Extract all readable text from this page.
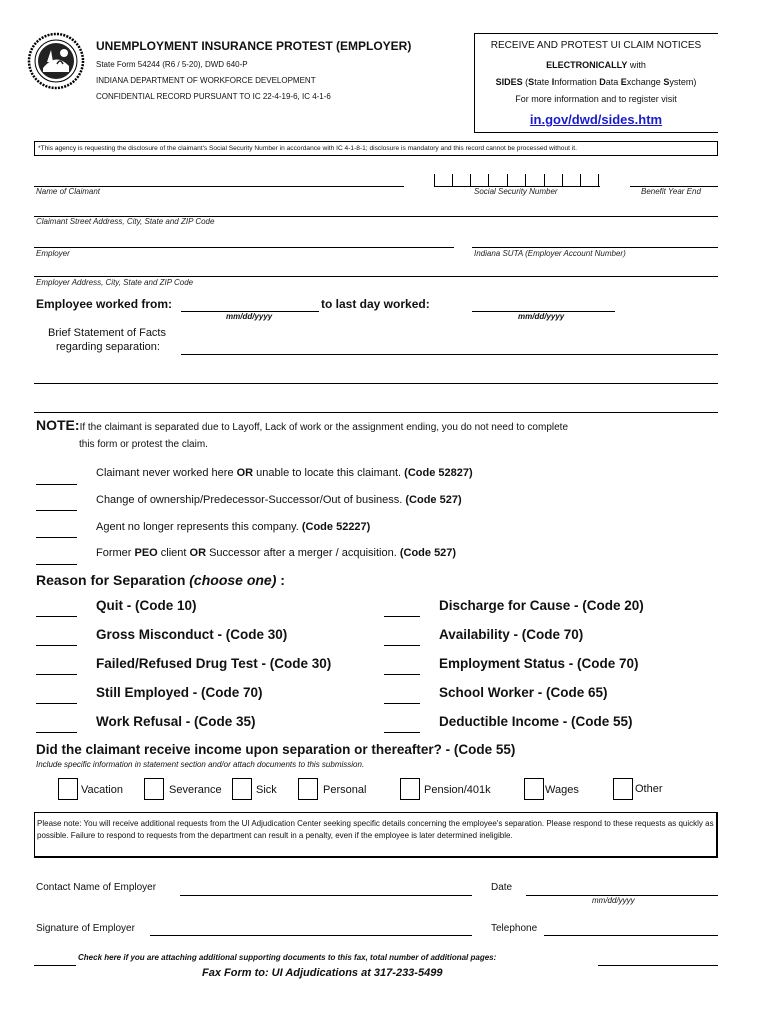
UNEMPLOYMENT INSURANCE PROTEST (EMPLOYER)
State Form 54244 (R6 / 5-20), DWD 640-P
INDIANA DEPARTMENT OF WORKFORCE DEVELOPMENT
CONFIDENTIAL RECORD PURSUANT TO IC 22-4-19-6, IC 4-1-6
RECEIVE AND PROTEST UI CLAIM NOTICES
ELECTRONICALLY with
SIDES (State Information Data Exchange System)
For more information and to register visit
in.gov/dwd/sides.htm
*This agency is requesting the disclosure of the claimant's Social Security Number in accordance with IC 4-1-8-1; disclosure is mandatory and this record cannot be processed without it.
Name of Claimant	Social Security Number	Benefit Year End
Claimant Street Address, City, State and ZIP Code
Employer	Indiana SUTA (Employer Account Number)
Employer Address, City, State and ZIP Code
Employee worked from:
mm/dd/yyyy
to last day worked:
mm/dd/yyyy
Brief Statement of Facts
regarding separation:
NOTE:If the claimant is separated due to Layoff, Lack of work or the assignment ending, you do not need to complete
this form or protest the claim.
Claimant never worked here OR unable to locate this claimant. (Code 52827)
Change of ownership/Predecessor-Successor/Out of business. (Code 527)
Agent no longer represents this company. (Code 52227)
Former PEO client OR Successor after a merger / acquisition. (Code 527)
Reason for Separation (choose one) :
Quit - (Code 10)	Discharge for Cause - (Code 20)
Gross Misconduct - (Code 30)	Availability - (Code 70)
Failed/Refused Drug Test - (Code 30)	Employment Status - (Code 70)
Still Employed - (Code 70)	School Worker - (Code 65)
Work Refusal - (Code 35)	Deductible Income - (Code 55)
Did the claimant receive income upon separation or thereafter? - (Code 55)
Include specific information in statement section and/or attach documents to this submission.
Vacation	Severance	Sick	Personal	Pension/401k	Wages	Other
Please note: You will receive additional requests from the UI Adjudication Center seeking specific details concerning the employee's separation. Please respond to these requests as quickly as possible. Failure to respond to requests from the department can result in a penalty, even if the employee is later determined ineligible.
Contact Name of Employer	Date
mm/dd/yyyy
Signature of Employer	Telephone
Check here if you are attaching additional supporting documents to this fax, total number of additional pages:
Fax Form to: UI Adjudications at 317-233-5499
